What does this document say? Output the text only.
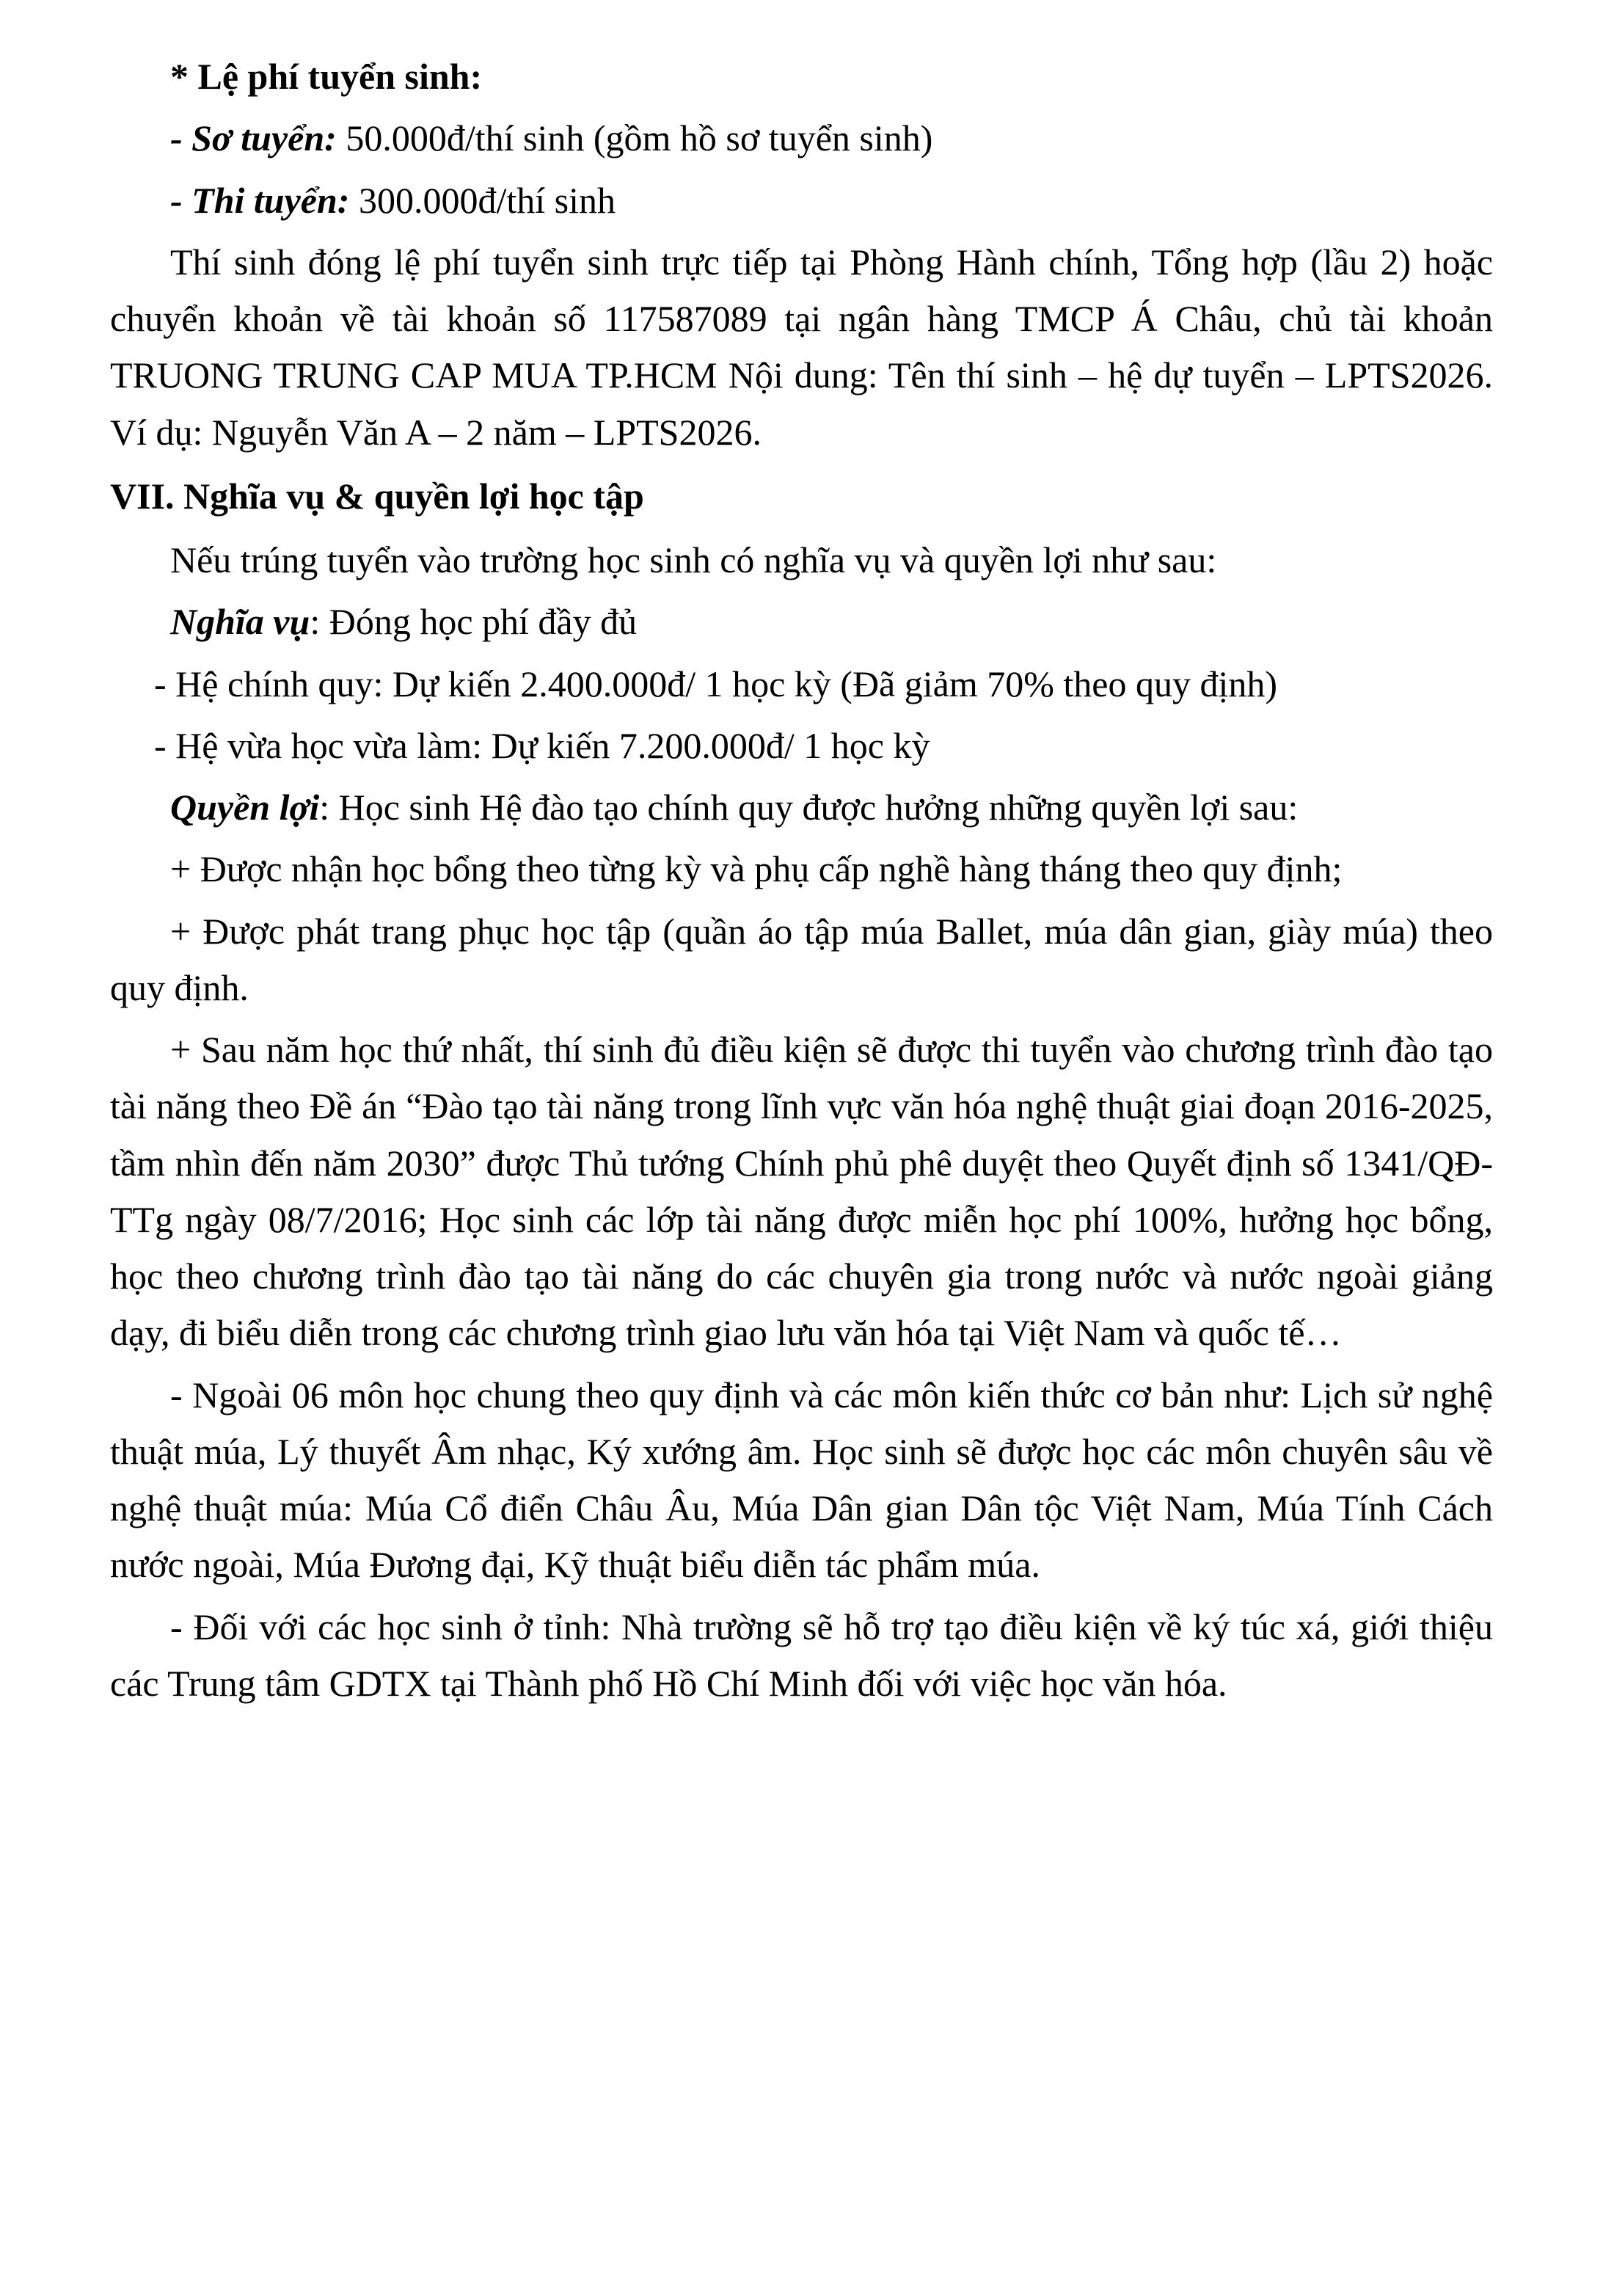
* Lệ phí tuyển sinh:

- Sơ tuyển: 50.000đ/thí sinh (gồm hồ sơ tuyển sinh)

- Thi tuyển: 300.000đ/thí sinh

Thí sinh đóng lệ phí tuyển sinh trực tiếp tại Phòng Hành chính, Tổng hợp (lầu 2) hoặc chuyển khoản về tài khoản số 117587089 tại ngân hàng TMCP Á Châu, chủ tài khoản TRUONG TRUNG CAP MUA TP.HCM Nội dung: Tên thí sinh – hệ dự tuyển – LPTS2026. Ví dụ: Nguyễn Văn A – 2 năm – LPTS2026.

VII. Nghĩa vụ & quyền lợi học tập

Nếu trúng tuyển vào trường học sinh có nghĩa vụ và quyền lợi như sau:

Nghĩa vụ: Đóng học phí đầy đủ

- Hệ chính quy: Dự kiến 2.400.000đ/ 1 học kỳ (Đã giảm 70% theo quy định)

- Hệ vừa học vừa làm: Dự kiến 7.200.000đ/ 1 học kỳ

Quyền lợi: Học sinh Hệ đào tạo chính quy được hưởng những quyền lợi sau:

+ Được nhận học bổng theo từng kỳ và phụ cấp nghề hàng tháng theo quy định;

+ Được phát trang phục học tập (quần áo tập múa Ballet, múa dân gian, giày múa) theo quy định.

+ Sau năm học thứ nhất, thí sinh đủ điều kiện sẽ được thi tuyển vào chương trình đào tạo tài năng theo Đề án “Đào tạo tài năng trong lĩnh vực văn hóa nghệ thuật giai đoạn 2016-2025, tầm nhìn đến năm 2030” được Thủ tướng Chính phủ phê duyệt theo Quyết định số 1341/QĐ-TTg ngày 08/7/2016; Học sinh các lớp tài năng được miễn học phí 100%, hưởng học bổng, học theo chương trình đào tạo tài năng do các chuyên gia trong nước và nước ngoài giảng dạy, đi biểu diễn trong các chương trình giao lưu văn hóa tại Việt Nam và quốc tế…

- Ngoài 06 môn học chung theo quy định và các môn kiến thức cơ bản như: Lịch sử nghệ thuật múa, Lý thuyết Âm nhạc, Ký xướng âm. Học sinh sẽ được học các môn chuyên sâu về nghệ thuật múa: Múa Cổ điển Châu Âu, Múa Dân gian Dân tộc Việt Nam, Múa Tính Cách nước ngoài, Múa Đương đại, Kỹ thuật biểu diễn tác phẩm múa.

- Đối với các học sinh ở tỉnh: Nhà trường sẽ hỗ trợ tạo điều kiện về ký túc xá, giới thiệu các Trung tâm GDTX tại Thành phố Hồ Chí Minh đối với việc học văn hóa.
